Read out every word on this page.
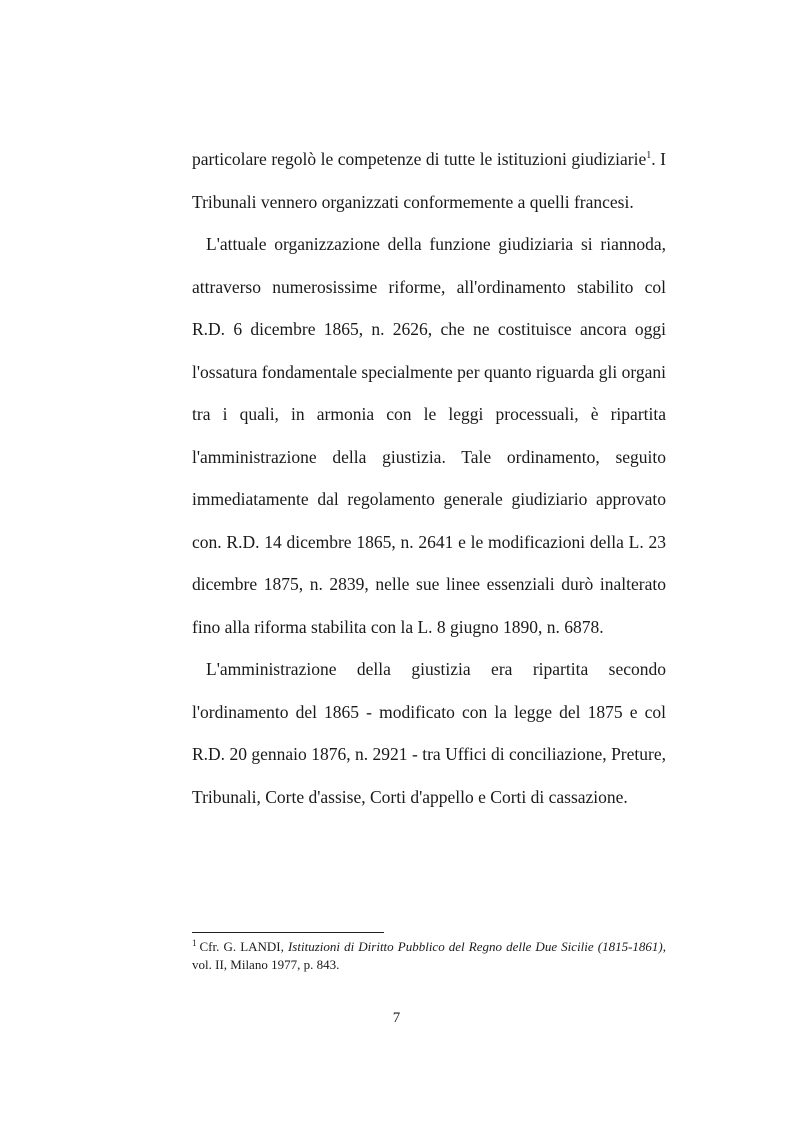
particolare regolò le competenze di tutte le istituzioni giudiziarie$^1$. I Tribunali vennero organizzati conformemente a quelli francesi.

L'attuale organizzazione della funzione giudiziaria si riannoda, attraverso numerosissime riforme, all'ordinamento stabilito col R.D. 6 dicembre 1865, n. 2626, che ne costituisce ancora oggi l'ossatura fondamentale specialmente per quanto riguarda gli organi tra i quali, in armonia con le leggi processuali, è ripartita l'amministrazione della giustizia. Tale ordinamento, seguito immediatamente dal regolamento generale giudiziario approvato con. R.D. 14 dicembre 1865, n. 2641 e le modificazioni della L. 23 dicembre 1875, n. 2839, nelle sue linee essenziali durò inalterato fino alla riforma stabilita con la L. 8 giugno 1890, n. 6878.

L'amministrazione della giustizia era ripartita secondo l'ordinamento del 1865 - modificato con la legge del 1875 e col R.D. 20 gennaio 1876, n. 2921 - tra Uffici di conciliazione, Preture, Tribunali, Corte d'assise, Corti d'appello e Corti di cassazione.

$^1$ Cfr. G. LANDI, Istituzioni di Diritto Pubblico del Regno delle Due Sicilie (1815-1861), vol. II, Milano 1977, p. 843.
7
